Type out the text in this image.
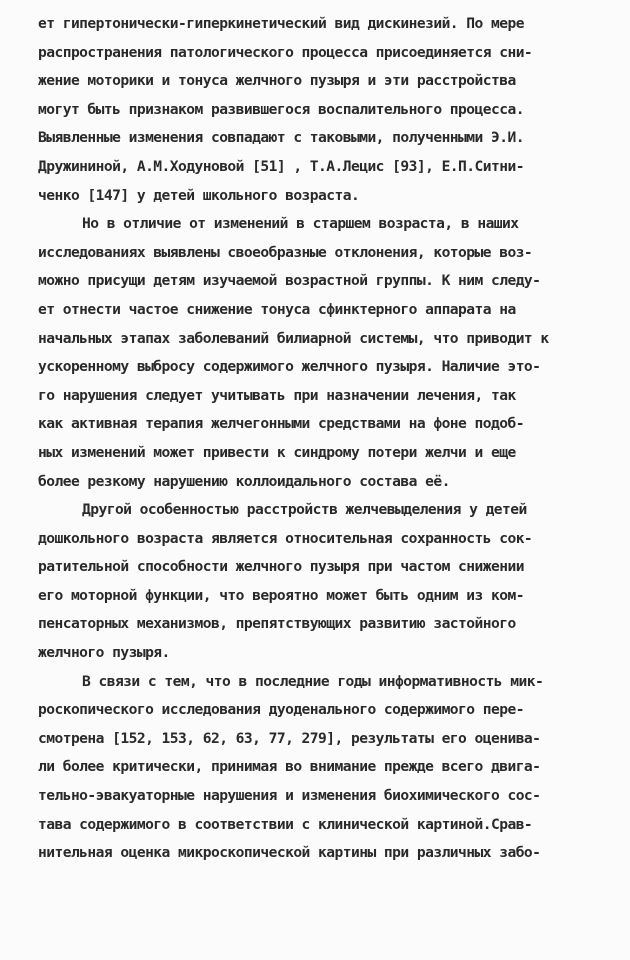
ет гипертонически-гиперкинетический вид дискинезий. По мере
распространения патологического процесса присоединяется сни-
жение моторики и тонуса желчного пузыря и эти расстройства
могут быть признаком развившегося воспалительного процесса.
Выявленные изменения совпадают с таковыми, полученными Э.И.
Дружининой, А.М.Ходуновой [51] , Т.А.Лецис [93], Е.П.Ситни-
ченко [147] у детей школьного возраста.
Но в отличие от изменений в старшем возраста, в наших
исследованиях выявлены своеобразные отклонения, которые воз-
можно присущи детям изучаемой возрастной группы. К ним следу-
ет отнести частое снижение тонуса сфинктерного аппарата на
начальных этапах заболеваний билиарной системы, что приводит к
ускоренному выбросу содержимого желчного пузыря. Наличие это-
го нарушения следует учитывать при назначении лечения, так
как активная терапия желчегонными средствами на фоне подоб-
ных изменений может привести к синдрому потери желчи и еще
более резкому нарушению коллоидального состава её.
Другой особенностью расстройств желчевыделения у детей
дошкольного возраста является относительная сохранность сок-
ратительной способности желчного пузыря при частом снижении
его моторной функции, что вероятно может быть одним из ком-
пенсаторных механизмов, препятствующих развитию застойного
желчного пузыря.
В связи с тем, что в последние годы информативность мик-
роскопического исследования дуоденального содержимого пере-
смотрена [152, 153, 62, 63, 77, 279], результаты его оценива-
ли более критически, принимая во внимание прежде всего двига-
тельно-эвакуаторные нарушения и изменения биохимического сос-
тава содержимого в соответствии с клинической картиной.Срав-
нительная оценка микроскопической картины при различных забо-
